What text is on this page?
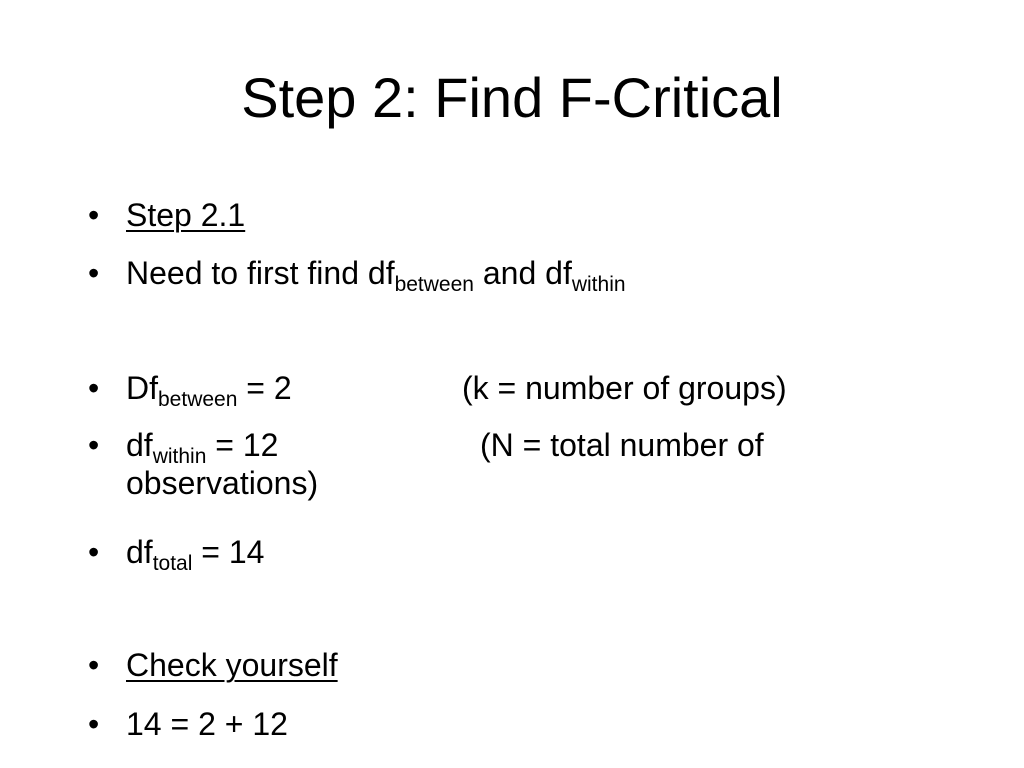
Step 2: Find F-Critical
• Step 2.1
• Need to first find $df_{between}$ and $df_{within}$
• $Df_{between} = 2$	(k = number of groups)
• $df_{within} = 12$	(N = total number of
observations)
• $df_{total} = 14$
• Check yourself
• 14 = 2 + 12
